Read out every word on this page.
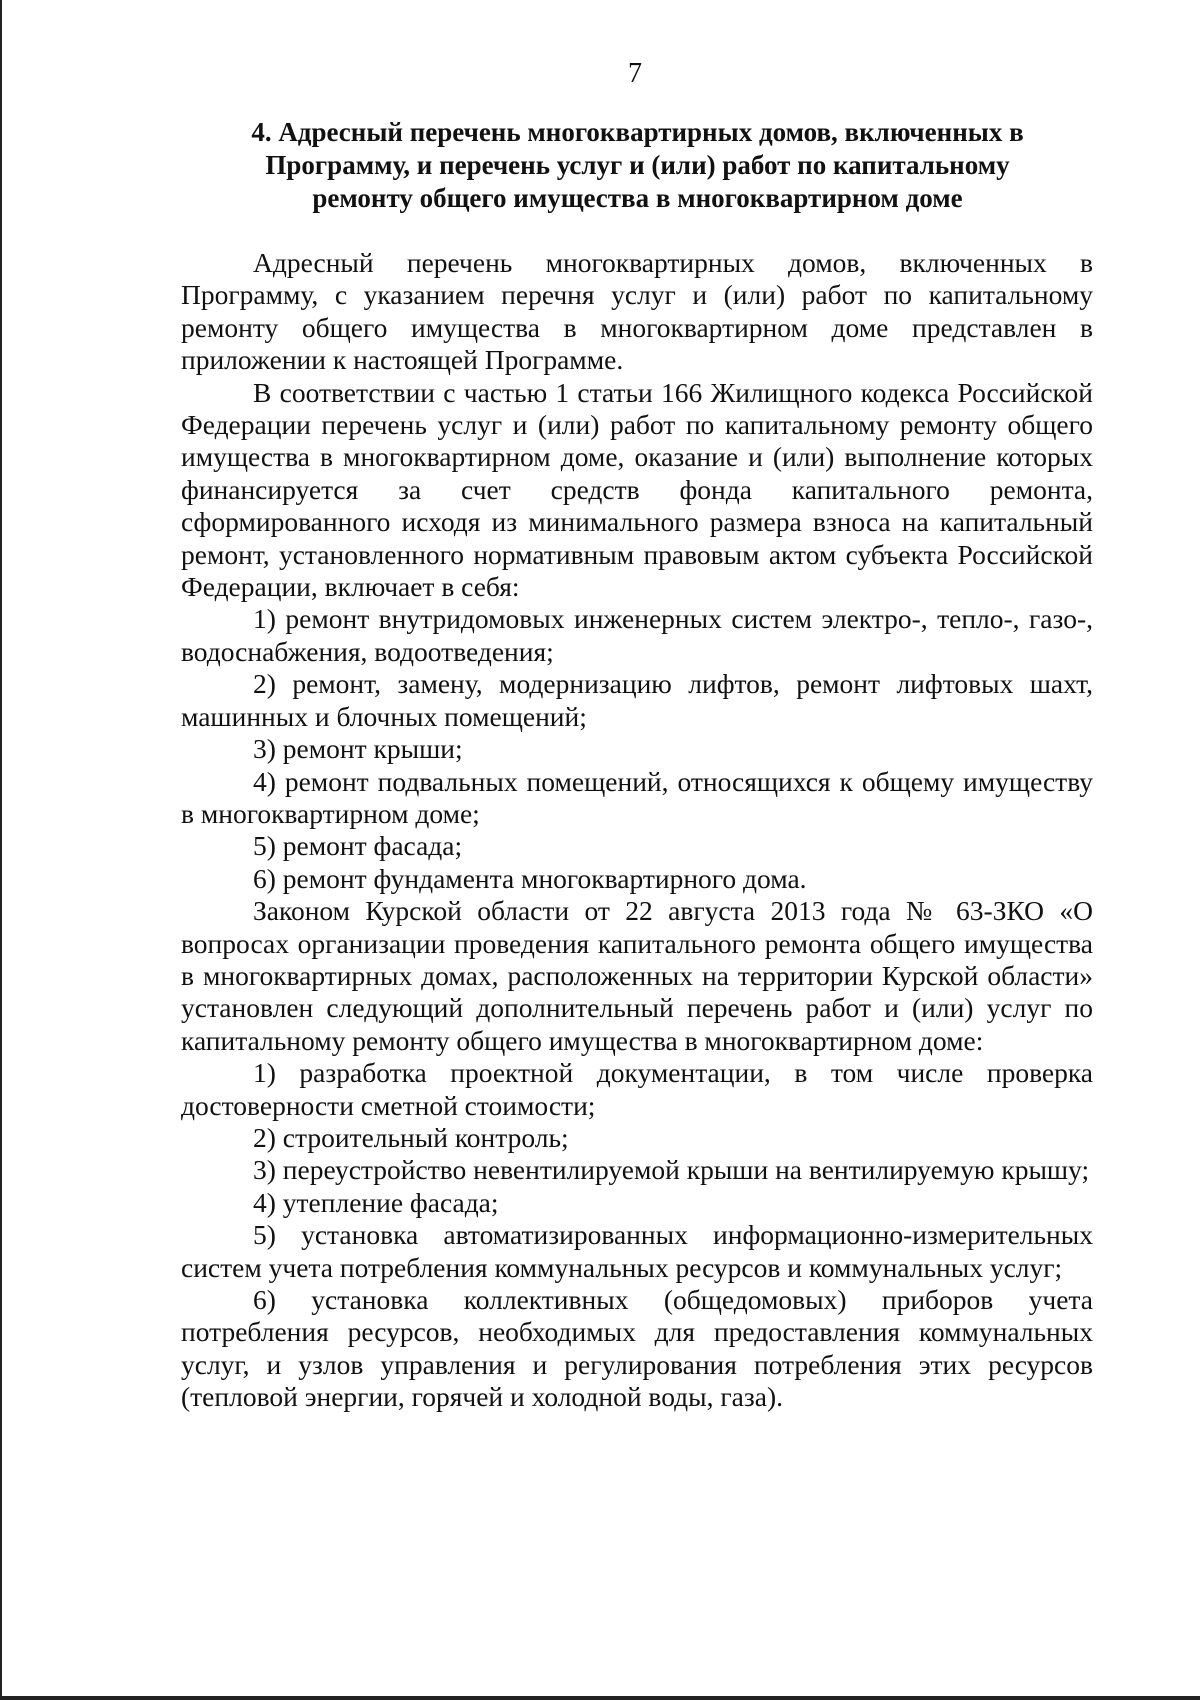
7
4. Адресный перечень многоквартирных домов, включенных в
Программу, и перечень услуг и (или) работ по капитальному
ремонту общего имущества в многоквартирном доме

Адресный перечень многоквартирных домов, включенных в Программу, с указанием перечня услуг и (или) работ по капитальному ремонту общего имущества в многоквартирном доме представлен в приложении к настоящей Программе.

В соответствии с частью 1 статьи 166 Жилищного кодекса Российской Федерации перечень услуг и (или) работ по капитальному ремонту общего имущества в многоквартирном доме, оказание и (или) выполнение которых финансируется за счет средств фонда капитального ремонта, сформированного исходя из минимального размера взноса на капитальный ремонт, установленного нормативным правовым актом субъекта Российской Федерации, включает в себя:

1) ремонт внутридомовых инженерных систем электро-, тепло-, газо-, водоснабжения, водоотведения;

2) ремонт, замену, модернизацию лифтов, ремонт лифтовых шахт, машинных и блочных помещений;

3) ремонт крыши;

4) ремонт подвальных помещений, относящихся к общему имуществу в многоквартирном доме;

5) ремонт фасада;

6) ремонт фундамента многоквартирного дома.

Законом Курской области от 22 августа 2013 года № 63-ЗКО «О вопросах организации проведения капитального ремонта общего имущества в многоквартирных домах, расположенных на территории Курской области» установлен следующий дополнительный перечень работ и (или) услуг по капитальному ремонту общего имущества в многоквартирном доме:

1) разработка проектной документации, в том числе проверка достоверности сметной стоимости;

2) строительный контроль;

3) переустройство невентилируемой крыши на вентилируемую крышу;

4) утепление фасада;

5) установка автоматизированных информационно-измерительных систем учета потребления коммунальных ресурсов и коммунальных услуг;

6) установка коллективных (общедомовых) приборов учета потребления ресурсов, необходимых для предоставления коммунальных услуг, и узлов управления и регулирования потребления этих ресурсов (тепловой энергии, горячей и холодной воды, газа).
